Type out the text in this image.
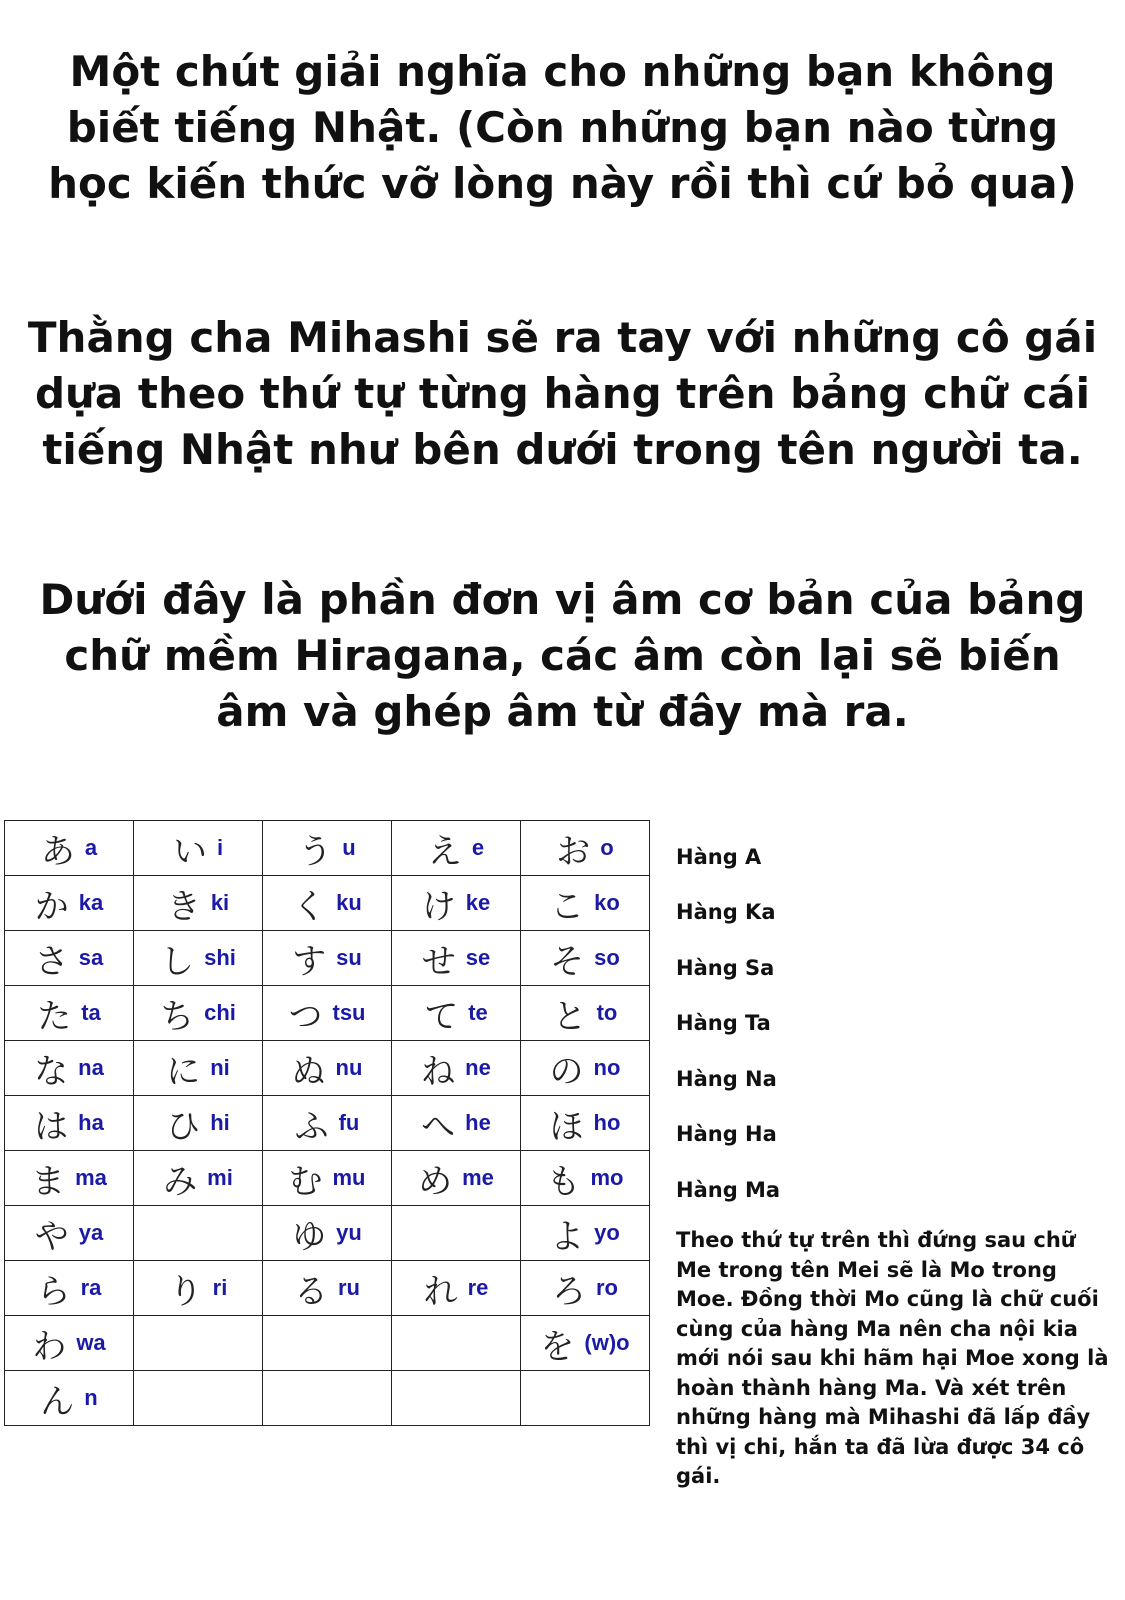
Một chút giải nghĩa cho những bạn không biết tiếng Nhật. (Còn những bạn nào từng học kiến thức vỡ lòng này rồi thì cứ bỏ qua)

Thằng cha Mihashi sẽ ra tay với những cô gái dựa theo thứ tự từng hàng trên bảng chữ cái tiếng Nhật như bên dưới trong tên người ta.

Dưới đây là phần đơn vị âm cơ bản của bảng chữ mềm Hiragana, các âm còn lại sẽ biến âm và ghép âm từ đây mà ra.

あ a	い i	う u	え e	お o
か ka	き ki	く ku	け ke	こ ko
さ sa	し shi	す su	せ se	そ so
た ta	ち chi	つ tsu	て te	と to
な na	に ni	ぬ nu	ね ne	の no
は ha	ひ hi	ふ fu	へ he	ほ ho
ま ma	み mi	む mu	め me	も mo
や ya		ゆ yu		よ yo
ら ra	り ri	る ru	れ re	ろ ro
わ wa				を (w)o
ん n				

Hàng A

Hàng Ka

Hàng Sa

Hàng Ta

Hàng Na

Hàng Ha

Hàng Ma

Theo thứ tự trên thì đứng sau chữ Me trong tên Mei sẽ là Mo trong Moe. Đồng thời Mo cũng là chữ cuối cùng của hàng Ma nên cha nội kia mới nói sau khi hãm hại Moe xong là hoàn thành hàng Ma. Và xét trên những hàng mà Mihashi đã lấp đầy thì vị chi, hắn ta đã lừa được 34 cô gái.
